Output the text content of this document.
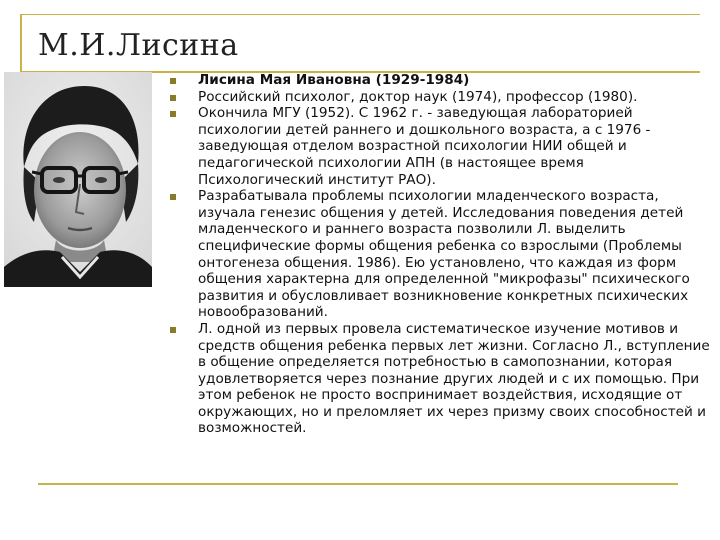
М.И.Лисина
Лисина Мая Ивановна (1929-1984)
Российский психолог, доктор наук (1974), профессор (1980).
Окончила МГУ (1952). С 1962 г. - заведующая лабораторией психологии детей раннего и дошкольного возраста, а с 1976 - заведующая отделом возрастной психологии НИИ общей и педагогической психологии АПН (в настоящее время Психологический институт РАО).
Разрабатывала проблемы психологии младенческого возраста, изучала генезис общения у детей. Исследования поведения детей младенческого и раннего возраста позволили Л. выделить специфические формы общения ребенка со взрослыми (Проблемы онтогенеза общения. 1986). Ею установлено, что каждая из форм общения характерна для определенной "микрофазы" психического развития и обусловливает возникновение конкретных психических новообразований.
Л. одной из первых провела систематическое изучение мотивов и средств общения ребенка первых лет жизни. Согласно Л., вступление в общение определяется потребностью в самопознании, которая удовлетворяется через познание других людей и с их помощью. При этом ребенок не просто воспринимает воздействия, исходящие от окружающих, но и преломляет их через призму своих способностей и возможностей.
